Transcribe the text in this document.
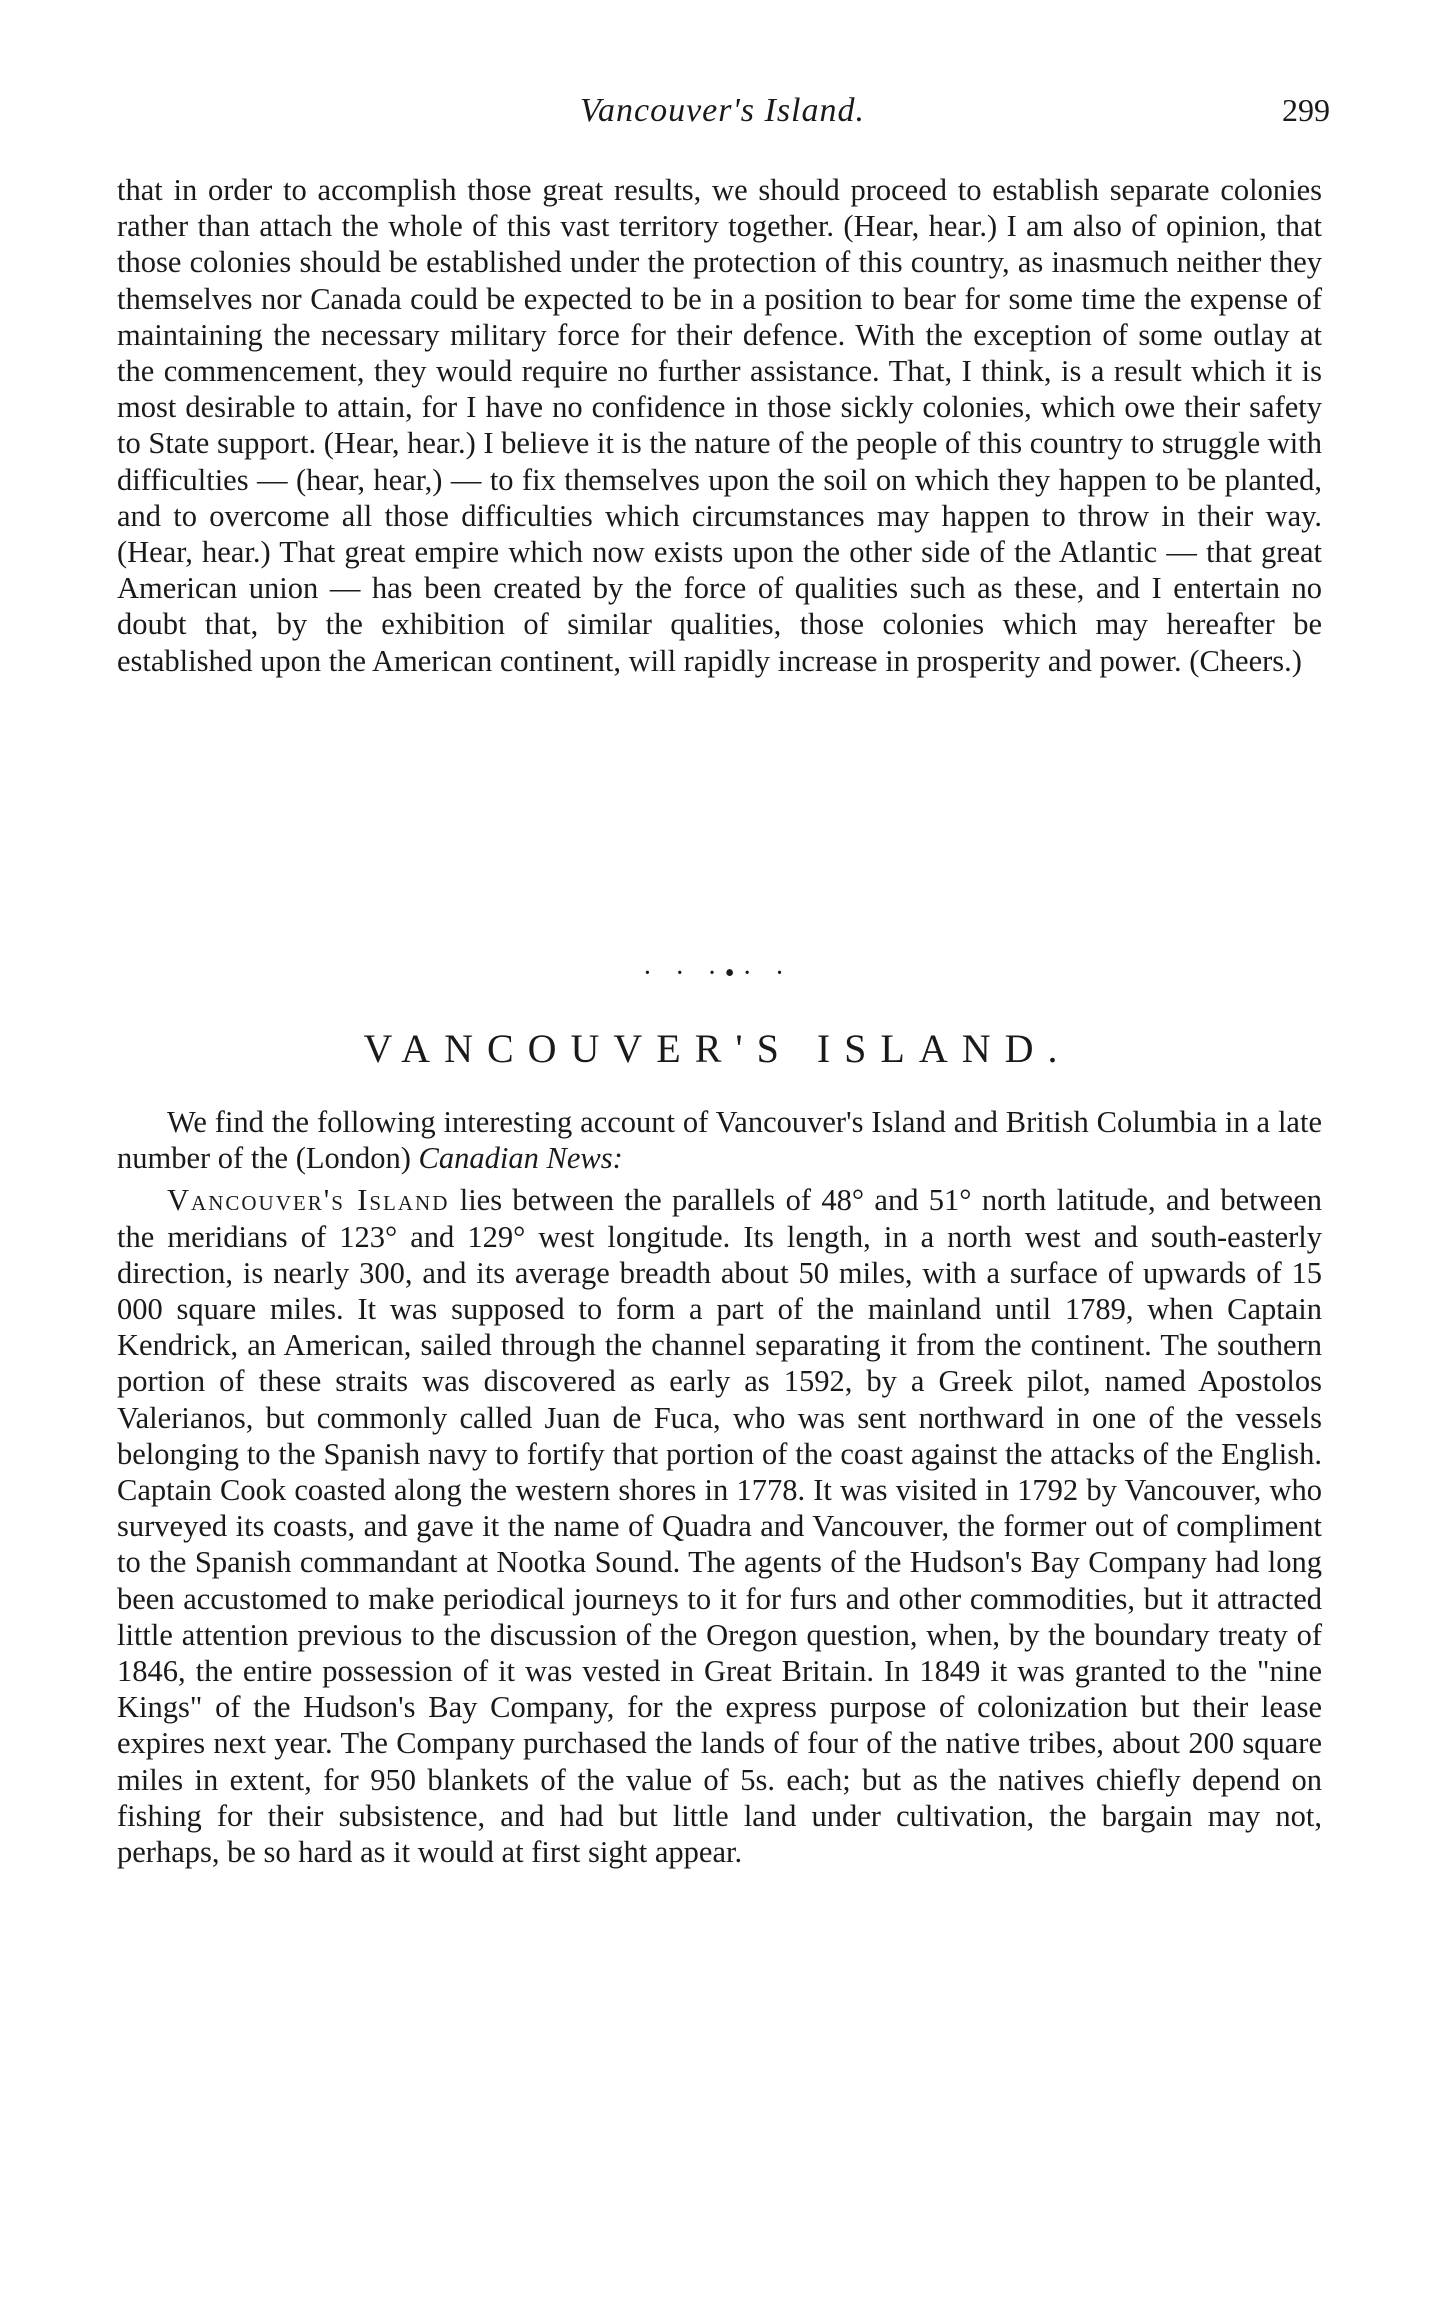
Vancouver's Island.	299

that in order to accomplish those great results, we should proceed to establish separate colonies rather than attach the whole of this vast territory together. (Hear, hear.) I am also of opinion, that those colonies should be established under the protection of this country, as inasmuch neither they themselves nor Canada could be expected to be in a position to bear for some time the expense of maintaining the necessary military force for their defence. With the exception of some outlay at the commencement, they would require no further assistance. That, I think, is a result which it is most desirable to attain, for I have no confidence in those sickly colonies, which owe their safety to State support. (Hear, hear.) I believe it is the nature of the people of this country to struggle with difficulties — (hear, hear,) — to fix themselves upon the soil on which they happen to be planted, and to overcome all those difficulties which circumstances may happen to throw in their way. (Hear, hear.) That great empire which now exists upon the other side of the Atlantic — that great American union — has been created by the force of qualities such as these, and I entertain no doubt that, by the exhibition of similar qualities, those colonies which may hereafter be established upon the American continent, will rapidly increase in prosperity and power. (Cheers.)

· · ·•· ·
VANCOUVER'S ISLAND.

We find the following interesting account of Vancouver's Island and British Columbia in a late number of the (London) Canadian News:

Vancouver's Island lies between the parallels of 48° and 51° north latitude, and between the meridians of 123° and 129° west longitude. Its length, in a north west and south-easterly direction, is nearly 300, and its average breadth about 50 miles, with a surface of upwards of 15 000 square miles. It was supposed to form a part of the mainland until 1789, when Captain Kendrick, an American, sailed through the channel separating it from the continent. The southern portion of these straits was discovered as early as 1592, by a Greek pilot, named Apostolos Valerianos, but commonly called Juan de Fuca, who was sent northward in one of the vessels belonging to the Spanish navy to fortify that portion of the coast against the attacks of the English. Captain Cook coasted along the western shores in 1778. It was visited in 1792 by Vancouver, who surveyed its coasts, and gave it the name of Quadra and Vancouver, the former out of compliment to the Spanish commandant at Nootka Sound. The agents of the Hudson's Bay Company had long been accustomed to make periodical journeys to it for furs and other commodities, but it attracted little attention previous to the discussion of the Oregon question, when, by the boundary treaty of 1846, the entire possession of it was vested in Great Britain. In 1849 it was granted to the "nine Kings" of the Hudson's Bay Company, for the express purpose of colonization but their lease expires next year. The Company purchased the lands of four of the native tribes, about 200 square miles in extent, for 950 blankets of the value of 5s. each; but as the natives chiefly depend on fishing for their subsistence, and had but little land under cultivation, the bargain may not, perhaps, be so hard as it would at first sight appear.
